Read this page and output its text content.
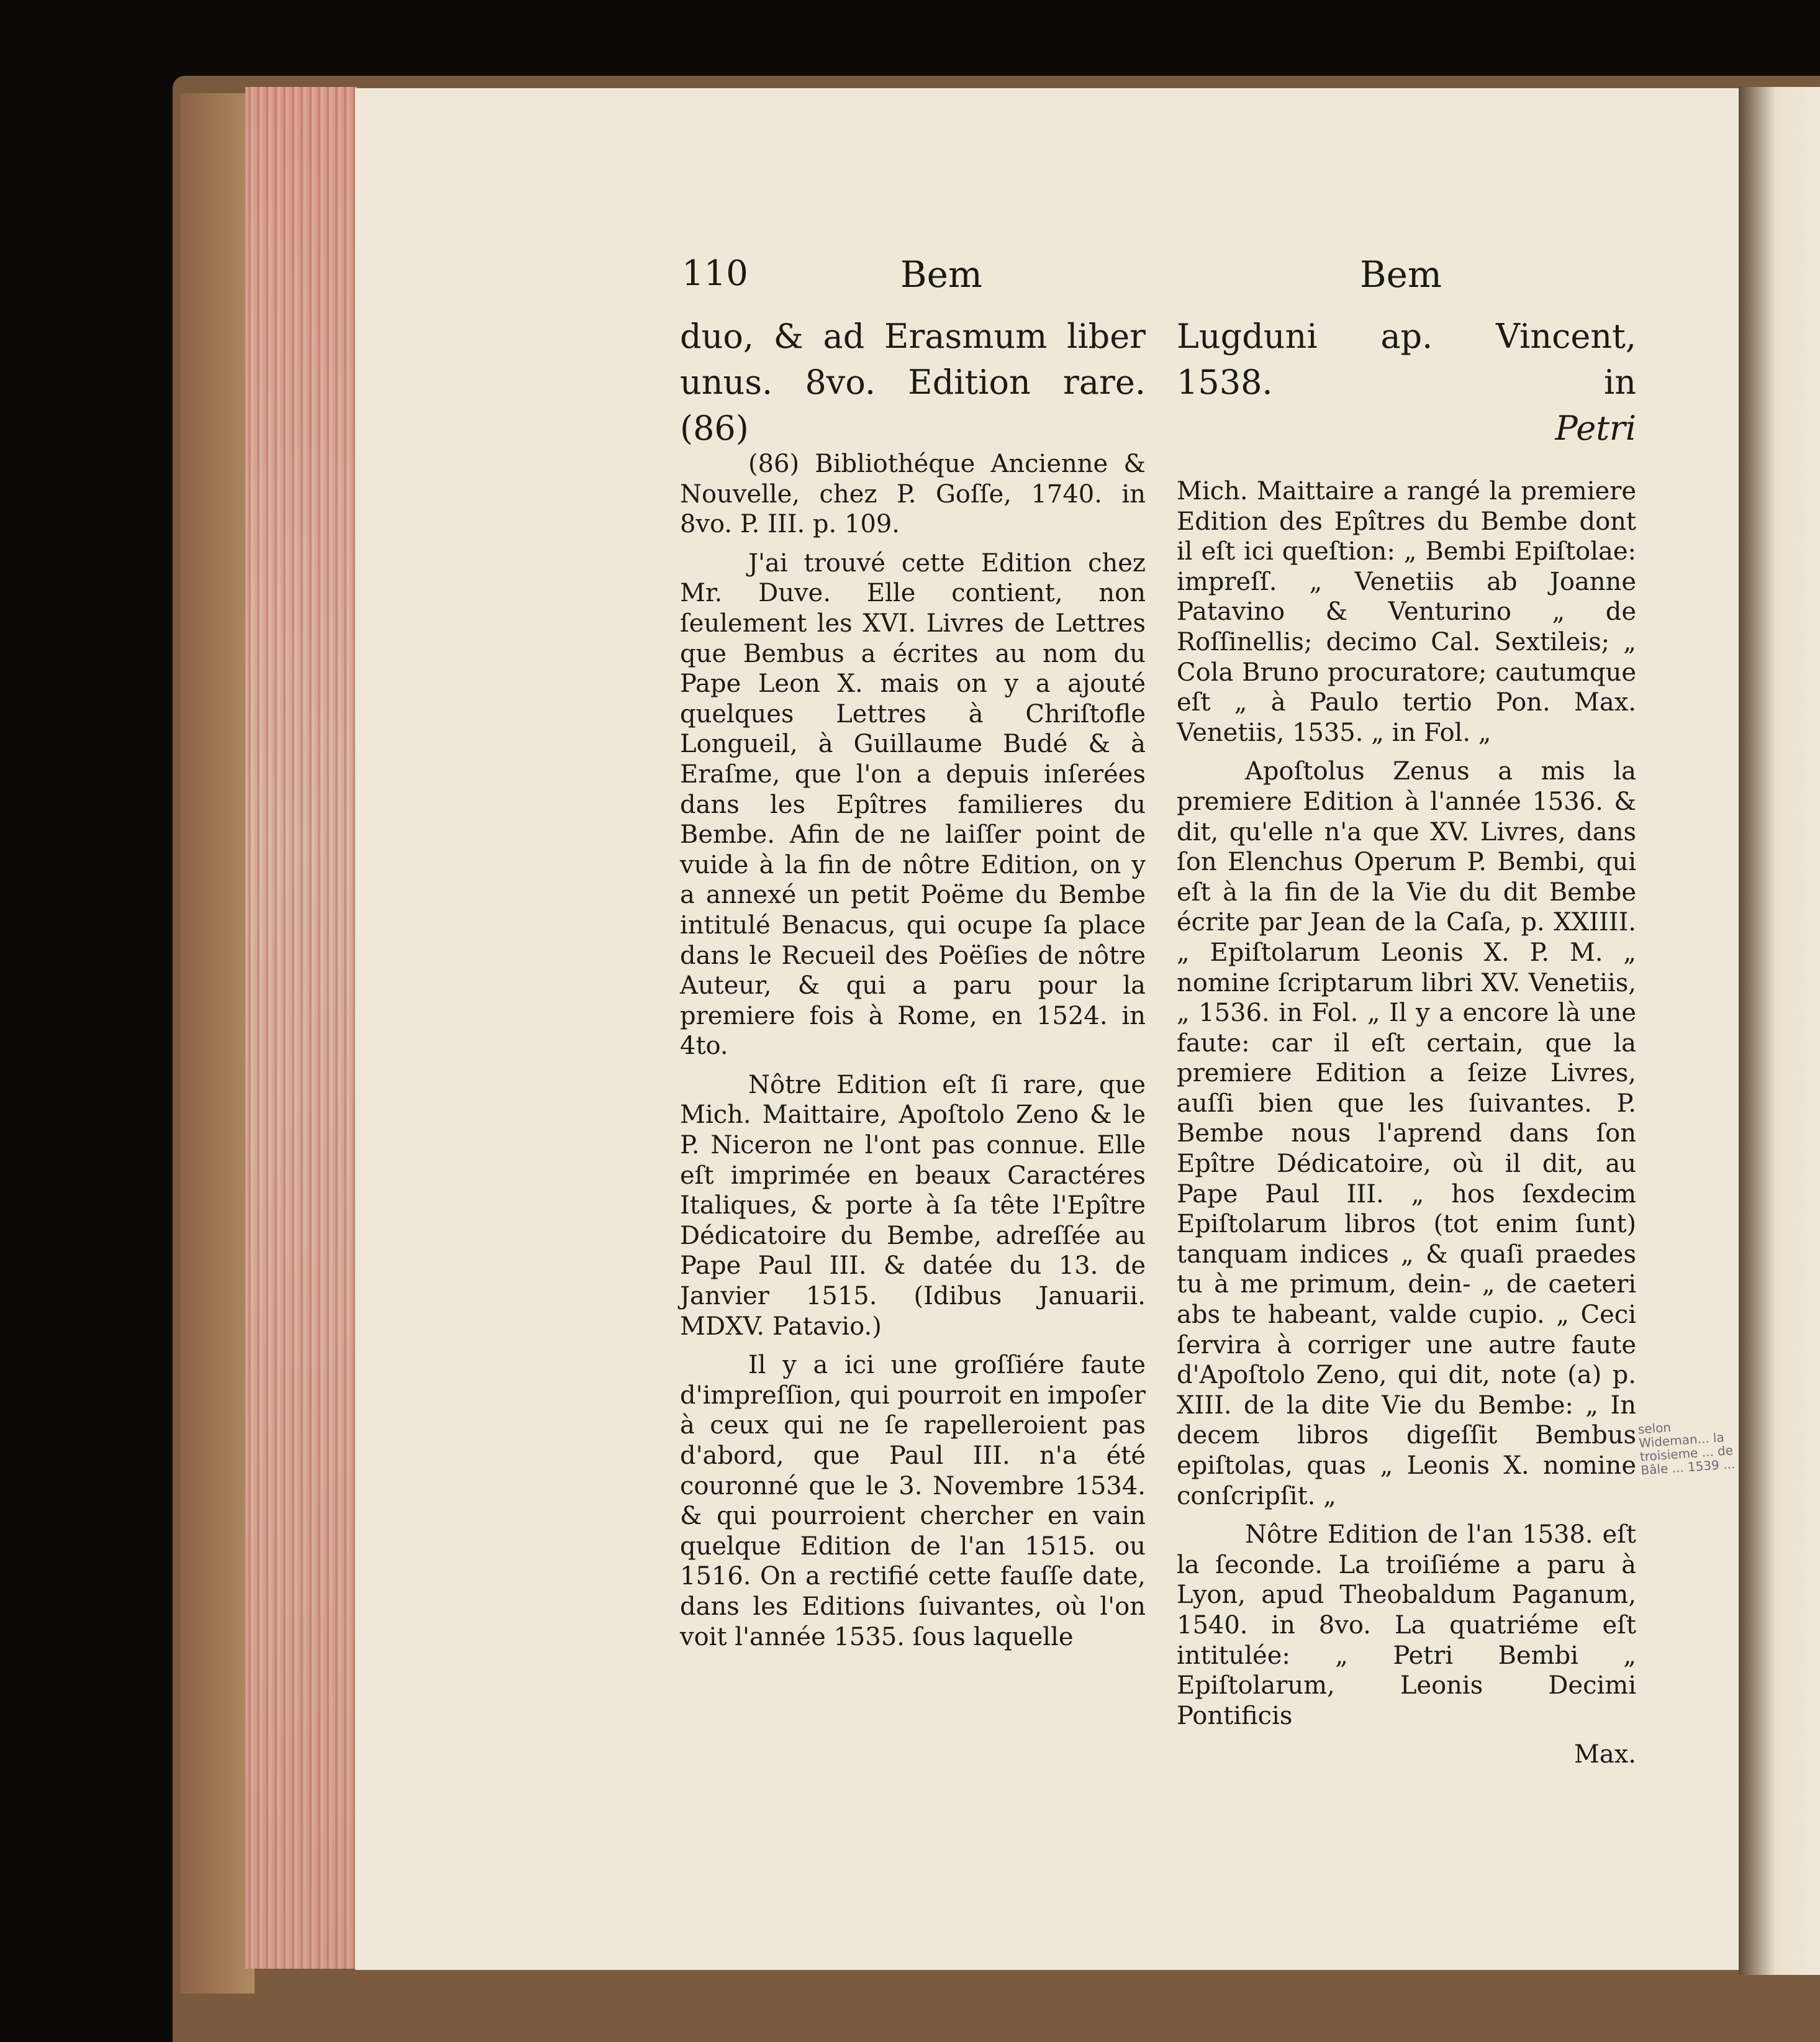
110	Bem	Bem

duo, & ad Erasmum liber unus. 8vo. Edition rare. (86)

(86) Bibliothéque Ancienne & Nouvelle, chez P. Goſſe, 1740. in 8vo. P. III. p. 109.

J'ai trouvé cette Edition chez Mr. Duve. Elle contient, non ſeulement les XVI. Livres de Lettres que Bembus a écrites au nom du Pape Leon X. mais on y a ajouté quelques Lettres à Chriſtofle Longueil, à Guillaume Budé & à Eraſme, que l'on a depuis inſerées dans les Epîtres familieres du Bembe. Afin de ne laiſſer point de vuide à la fin de nôtre Edition, on y a annexé un petit Poëme du Bembe intitulé Benacus, qui ocupe ſa place dans le Recueil des Poëſies de nôtre Auteur, & qui a paru pour la premiere fois à Rome, en 1524. in 4to.

Nôtre Edition eſt ſi rare, que Mich. Maittaire, Apoſtolo Zeno & le P. Niceron ne l'ont pas connue. Elle eſt imprimée en beaux Caractéres Italiques, & porte à ſa tête l'Epître Dédicatoire du Bembe, adreſſée au Pape Paul III. & datée du 13. de Janvier 1515. (Idibus Januarii. MDXV. Patavio.)

Il y a ici une groſſiére faute d'impreſſion, qui pourroit en impoſer à ceux qui ne ſe rapelleroient pas d'abord, que Paul III. n'a été couronné que le 3. Novembre 1534. & qui pourroient chercher en vain quelque Edition de l'an 1515. ou 1516. On a rectifié cette fauſſe date, dans les Editions ſuivantes, où l'on voit l'année 1535. ſous laquelle

Lugduni ap. Vincent, 1538. in

Petri

Mich. Maittaire a rangé la premiere Edition des Epîtres du Bembe dont il eſt ici queſtion: „ Bembi Epiſtolae: impreſſ. „ Venetiis ab Joanne Patavino & Venturino „ de Roſſinellis; decimo Cal. Sextileis; „ Cola Bruno procuratore; cautumque eſt „ à Paulo tertio Pon. Max. Venetiis, 1535. „ in Fol. „

Apoſtolus Zenus a mis la premiere Edition à l'année 1536. & dit, qu'elle n'a que XV. Livres, dans ſon Elenchus Operum P. Bembi, qui eſt à la fin de la Vie du dit Bembe écrite par Jean de la Caſa, p. XXIIII. „ Epiſtolarum Leonis X. P. M. „ nomine ſcriptarum libri XV. Venetiis, „ 1536. in Fol. „ Il y a encore là une faute: car il eſt certain, que la premiere Edition a ſeize Livres, auſſi bien que les ſuivantes. P. Bembe nous l'aprend dans ſon Epître Dédicatoire, où il dit, au Pape Paul III. „ hos ſexdecim Epiſtolarum libros (tot enim ſunt) tanquam indices „ & quaſi praedes tu à me primum, dein- „ de caeteri abs te habeant, valde cupio. „ Ceci ſervira à corriger une autre faute d'Apoſtolo Zeno, qui dit, note (a) p. XIII. de la dite Vie du Bembe: „ In decem libros digeſſit Bembus epiſtolas, quas „ Leonis X. nomine conſcripſit. „

Nôtre Edition de l'an 1538. eſt la ſeconde. La troiſiéme a paru à Lyon, apud Theobaldum Paganum, 1540. in 8vo. La quatriéme eſt intitulée: „ Petri Bembi „ Epiſtolarum, Leonis Decimi Pontificis

Max.

selon Wideman... la troisieme ... de Bâle ... 1539 ...
